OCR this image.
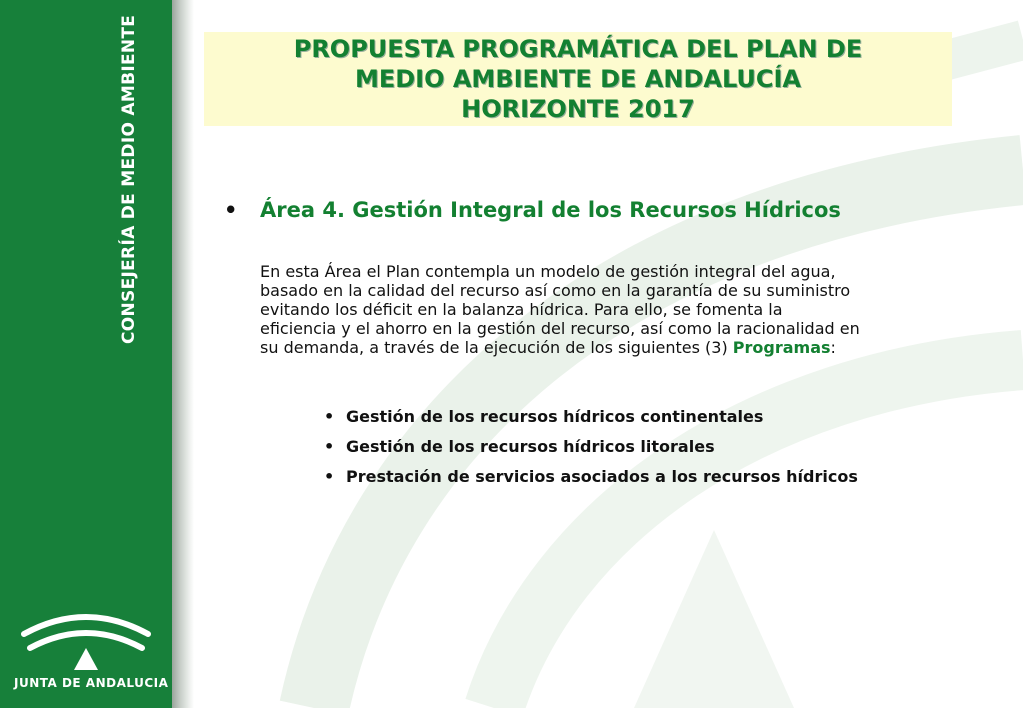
CONSEJERÍA DE MEDIO AMBIENTE
JUNTA DE ANDALUCIA
PROPUESTA PROGRAMÁTICA DEL PLAN DE
MEDIO AMBIENTE DE ANDALUCÍA
HORIZONTE 2017
• Área 4. Gestión Integral de los Recursos Hídricos
En esta Área el Plan contempla un modelo de gestión integral del agua,
basado en la calidad del recurso así como en la garantía de su suministro
evitando los déficit en la balanza hídrica. Para ello, se fomenta la
eficiencia y el ahorro en la gestión del recurso, así como la racionalidad en
su demanda, a través de la ejecución de los siguientes (3) Programas:
• Gestión de los recursos hídricos continentales
• Gestión de los recursos hídricos litorales
• Prestación de servicios asociados a los recursos hídricos
